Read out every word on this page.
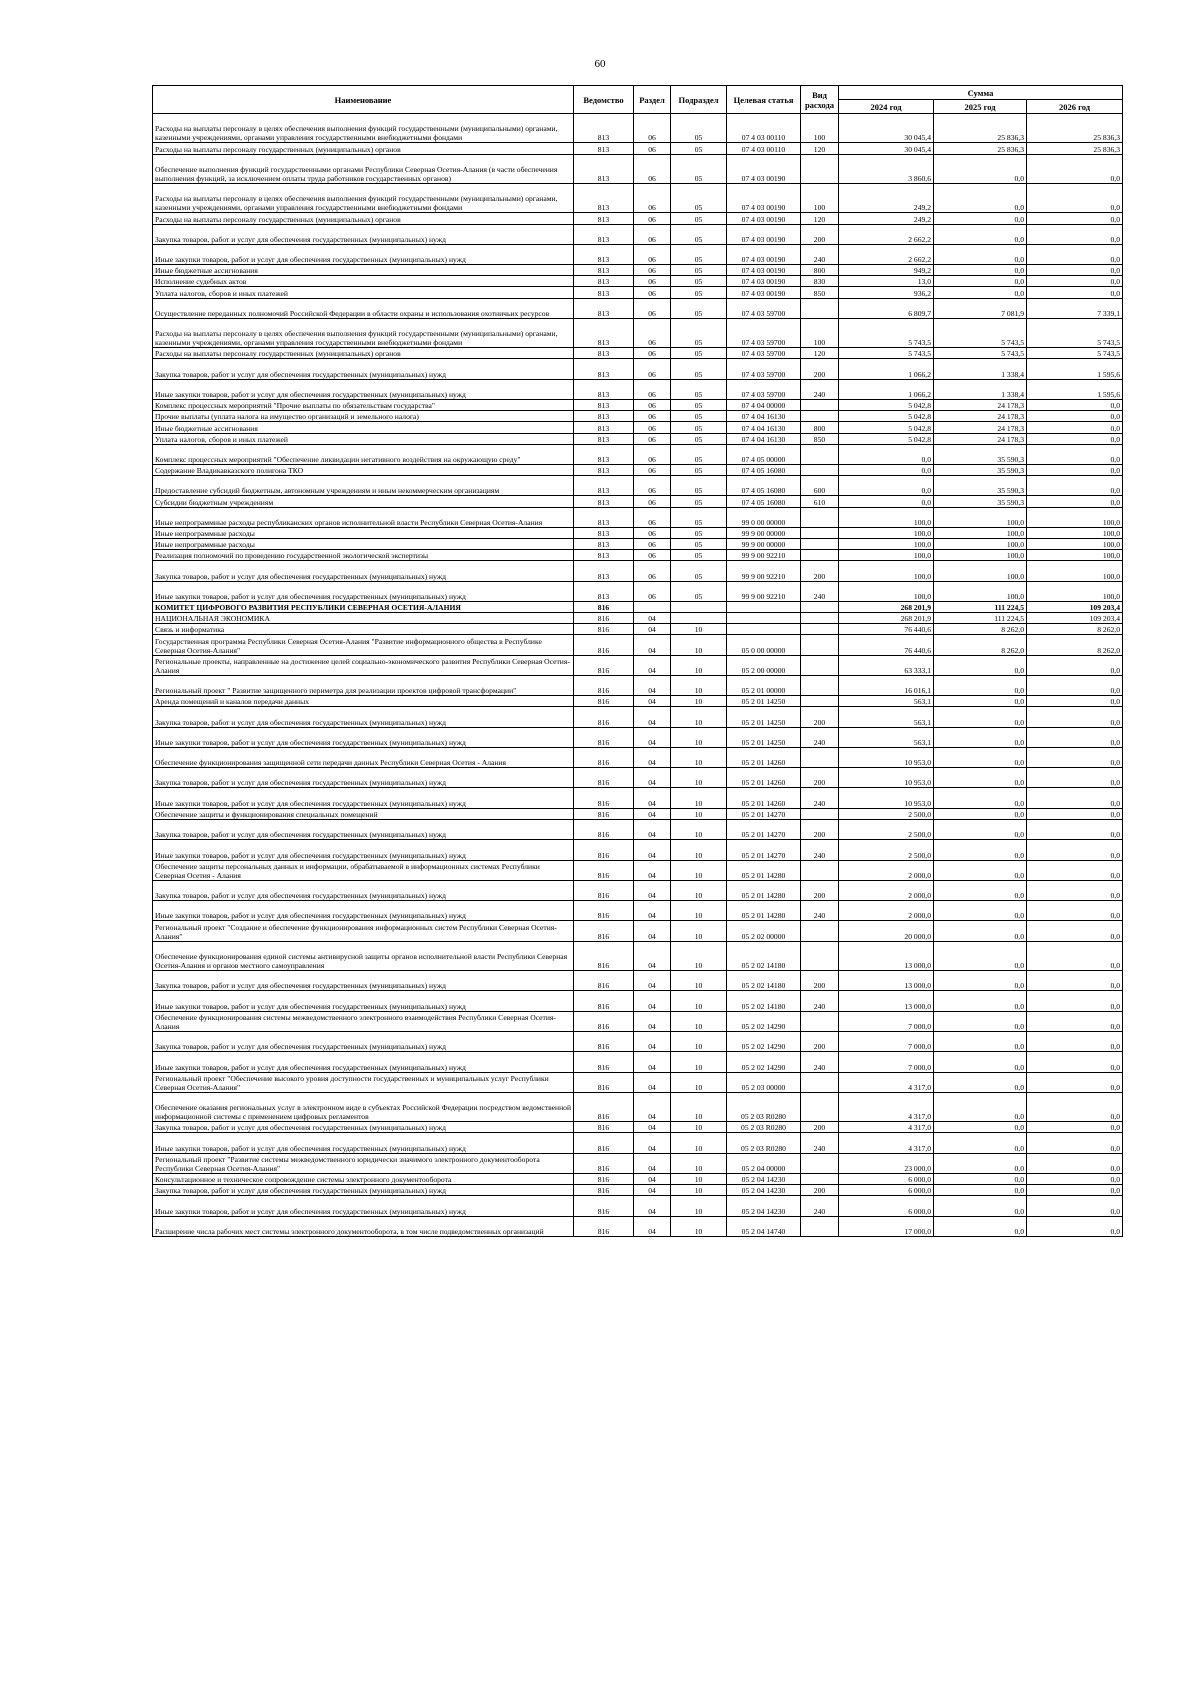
60
Наименование	Ведомство	Раздел	Подраздел	Целевая статья	Вид расхода	Сумма		
						2024 год	2025 год	2026 год
Расходы на выплаты персоналу в целях обеспечения выполнения функций государственными (муниципальными) органами, казенными учреждениями, органами управления государственными внебюджетными фондами	813	06	05	07 4 03 00110	100	30 045,4	25 836,3	25 836,3
Расходы на выплаты персоналу государственных (муниципальных) органов	813	06	05	07 4 03 00110	120	30 045,4	25 836,3	25 836,3
Обеспечение выполнения функций государственными органами Республики Северная Осетия-Алания (в части обеспечения выполнения функций, за исключением оплаты труда работников государственных органов)	813	06	05	07 4 03 00190		3 860,6	0,0	0,0
Расходы на выплаты персоналу в целях обеспечения выполнения функций государственными (муниципальными) органами, казенными учреждениями, органами управления государственными внебюджетными фондами	813	06	05	07 4 03 00190	100	249,2	0,0	0,0
Расходы на выплаты персоналу государственных (муниципальных) органов	813	06	05	07 4 03 00190	120	249,2	0,0	0,0
Закупка товаров, работ и услуг для обеспечения государственных (муниципальных) нужд	813	06	05	07 4 03 00190	200	2 662,2	0,0	0,0
Иные закупки товаров, работ и услуг для обеспечения государственных (муниципальных) нужд	813	06	05	07 4 03 00190	240	2 662,2	0,0	0,0
Иные бюджетные ассигнования	813	06	05	07 4 03 00190	800	949,2	0,0	0,0
Исполнение судебных актов	813	06	05	07 4 03 00190	830	13,0	0,0	0,0
Уплата налогов, сборов и иных платежей	813	06	05	07 4 03 00190	850	936,2	0,0	0,0
Осуществление переданных полномочий Российской Федерации в области охраны и использования охотничьих ресурсов	813	06	05	07 4 03 59700		6 809,7	7 081,9	7 339,1
Расходы на выплаты персоналу в целях обеспечения выполнения функций государственными (муниципальными) органами, казенными учреждениями, органами управления государственными внебюджетными фондами	813	06	05	07 4 03 59700	100	5 743,5	5 743,5	5 743,5
Расходы на выплаты персоналу государственных (муниципальных) органов	813	06	05	07 4 03 59700	120	5 743,5	5 743,5	5 743,5
Закупка товаров, работ и услуг для обеспечения государственных (муниципальных) нужд	813	06	05	07 4 03 59700	200	1 066,2	1 338,4	1 595,6
Иные закупки товаров, работ и услуг для обеспечения государственных (муниципальных) нужд	813	06	05	07 4 03 59700	240	1 066,2	1 338,4	1 595,6
Комплекс процессных мероприятий "Прочие выплаты по обязательствам государства"	813	06	05	07 4 04 00000		5 042,8	24 178,3	0,0
Прочие выплаты (уплата налога на имущество организаций и земельного налога)	813	06	05	07 4 04 16130		5 042,8	24 178,3	0,0
Иные бюджетные ассигнования	813	06	05	07 4 04 16130	800	5 042,8	24 178,3	0,0
Уплата налогов, сборов и иных платежей	813	06	05	07 4 04 16130	850	5 042,8	24 178,3	0,0
Комплекс процессных мероприятий "Обеспечение ликвидации негативного воздействия на окружающую среду"	813	06	05	07 4 05 00000		0,0	35 590,3	0,0
Содержание Владикавказского полигона ТКО	813	06	05	07 4 05 16080		0,0	35 590,3	0,0
Предоставление субсидий бюджетным, автономным учреждениям и иным некоммерческим организациям	813	06	05	07 4 05 16080	600	0,0	35 590,3	0,0
Субсидии бюджетным учреждениям	813	06	05	07 4 05 16080	610	0,0	35 590,3	0,0
Иные непрограммные расходы республиканских органов исполнительной власти Республики Северная Осетия-Алания	813	06	05	99 0 00 00000		100,0	100,0	100,0
Иные непрограммные расходы	813	06	05	99 9 00 00000		100,0	100,0	100,0
Иные непрограммные расходы	813	06	05	99 9 00 00000		100,0	100,0	100,0
Реализация полномочий по проведению государственной экологической экспертизы	813	06	05	99 9 00 92210		100,0	100,0	100,0
Закупка товаров, работ и услуг для обеспечения государственных (муниципальных) нужд	813	06	05	99 9 00 92210	200	100,0	100,0	100,0
Иные закупки товаров, работ и услуг для обеспечения государственных (муниципальных) нужд	813	06	05	99 9 00 92210	240	100,0	100,0	100,0
КОМИТЕТ ЦИФРОВОГО РАЗВИТИЯ РЕСПУБЛИКИ СЕВЕРНАЯ ОСЕТИЯ-АЛАНИЯ	816					268 201,9	111 224,5	109 203,4
НАЦИОНАЛЬНАЯ ЭКОНОМИКА	816	04				268 201,9	111 224,5	109 203,4
Связь и информатика	816	04	10			76 440,6	8 262,0	8 262,0
Государственная программа Республики Северная Осетия-Алания "Развитие информационного общества в Республике Северная Осетия-Алания"	816	04	10	05 0 00 00000		76 440,6	8 262,0	8 262,0
Региональные проекты, направленные на достижение целей социально-экономического развития Республики Северная Осетия-Алания	816	04	10	05 2 00 00000		63 333,1	0,0	0,0
Региональный проект " Развитие защищенного периметра для реализации проектов цифровой трансформации"	816	04	10	05 2 01 00000		16 016,1	0,0	0,0
Аренда помещений и каналов передачи данных	816	04	10	05 2 01 14250		563,1	0,0	0,0
Закупка товаров, работ и услуг для обеспечения государственных (муниципальных) нужд	816	04	10	05 2 01 14250	200	563,1	0,0	0,0
Иные закупки товаров, работ и услуг для обеспечения государственных (муниципальных) нужд	816	04	10	05 2 01 14250	240	563,1	0,0	0,0
Обеспечение функционирования защищенной сети передачи данных Республики Северная Осетия - Алания	816	04	10	05 2 01 14260		10 953,0	0,0	0,0
Закупка товаров, работ и услуг для обеспечения государственных (муниципальных) нужд	816	04	10	05 2 01 14260	200	10 953,0	0,0	0,0
Иные закупки товаров, работ и услуг для обеспечения государственных (муниципальных) нужд	816	04	10	05 2 01 14260	240	10 953,0	0,0	0,0
Обеспечение защиты и функционирования специальных помещений	816	04	10	05 2 01 14270		2 500,0	0,0	0,0
Закупка товаров, работ и услуг для обеспечения государственных (муниципальных) нужд	816	04	10	05 2 01 14270	200	2 500,0	0,0	0,0
Иные закупки товаров, работ и услуг для обеспечения государственных (муниципальных) нужд	816	04	10	05 2 01 14270	240	2 500,0	0,0	0,0
Обеспечение защиты персональных данных и информации, обрабатываемой в информационных системах Республики Северная Осетия - Алания	816	04	10	05 2 01 14280		2 000,0	0,0	0,0
Закупка товаров, работ и услуг для обеспечения государственных (муниципальных) нужд	816	04	10	05 2 01 14280	200	2 000,0	0,0	0,0
Иные закупки товаров, работ и услуг для обеспечения государственных (муниципальных) нужд	816	04	10	05 2 01 14280	240	2 000,0	0,0	0,0
Региональный проект "Создание и обеспечение функционирования информационных систем Республики Северная Осетия-Алания"	816	04	10	05 2 02 00000		20 000,0	0,0	0,0
Обеспечение функционирования единой системы антивирусной защиты органов исполнительной власти Республики Северная Осетия-Алания и органов местного самоуправления	816	04	10	05 2 02 14180		13 000,0	0,0	0,0
Закупка товаров, работ и услуг для обеспечения государственных (муниципальных) нужд	816	04	10	05 2 02 14180	200	13 000,0	0,0	0,0
Иные закупки товаров, работ и услуг для обеспечения государственных (муниципальных) нужд	816	04	10	05 2 02 14180	240	13 000,0	0,0	0,0
Обеспечение функционирования системы межведомственного электронного взаимодействия Республики Северная Осетия-Алания	816	04	10	05 2 02 14290		7 000,0	0,0	0,0
Закупка товаров, работ и услуг для обеспечения государственных (муниципальных) нужд	816	04	10	05 2 02 14290	200	7 000,0	0,0	0,0
Иные закупки товаров, работ и услуг для обеспечения государственных (муниципальных) нужд	816	04	10	05 2 02 14290	240	7 000,0	0,0	0,0
Региональный проект "Обеспечение высокого уровня доступности государственных и муниципальных услуг Республики Северная Осетия-Алания"	816	04	10	05 2 03 00000		4 317,0	0,0	0,0
Обеспечение оказания региональных услуг в электронном виде в субъектах Российской Федерации посредством ведомственной информационной системы с применением цифровых регламентов	816	04	10	05 2 03 R0280		4 317,0	0,0	0,0
Закупка товаров, работ и услуг для обеспечения государственных (муниципальных) нужд	816	04	10	05 2 03 R0280	200	4 317,0	0,0	0,0
Иные закупки товаров, работ и услуг для обеспечения государственных (муниципальных) нужд	816	04	10	05 2 03 R0280	240	4 317,0	0,0	0,0
Региональный проект "Развитие системы межведомственного юридически значимого электронного документооборота Республики Северная Осетия-Алания"	816	04	10	05 2 04 00000		23 000,0	0,0	0,0
Консультационное и техническое сопровождение системы электронного документооборота	816	04	10	05 2 04 14230		6 000,0	0,0	0,0
Закупка товаров, работ и услуг для обеспечения государственных (муниципальных) нужд	816	04	10	05 2 04 14230	200	6 000,0	0,0	0,0
Иные закупки товаров, работ и услуг для обеспечения государственных (муниципальных) нужд	816	04	10	05 2 04 14230	240	6 000,0	0,0	0,0
Расширение числа рабочих мест системы электронного документооборота, в том числе подведомственных организаций	816	04	10	05 2 04 14740		17 000,0	0,0	0,0
